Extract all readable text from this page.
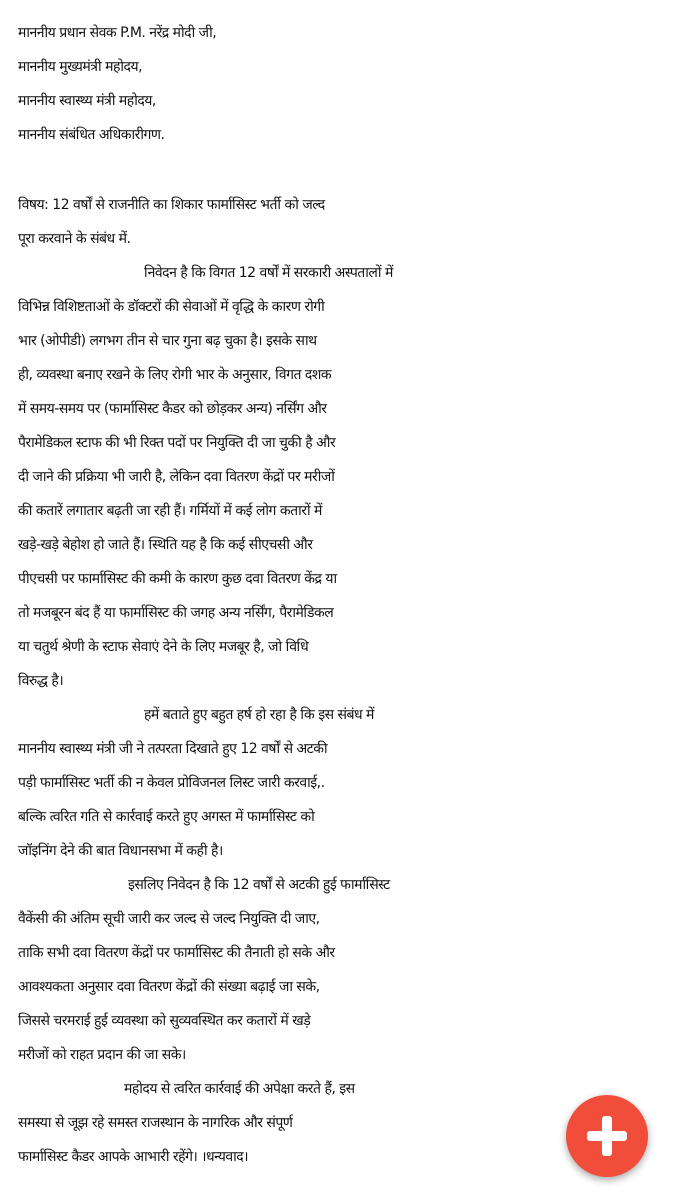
माननीय प्रधान सेवक P.M. नरेंद्र मोदी जी,
माननीय मुख्यमंत्री महोदय,
माननीय स्वास्थ्य मंत्री महोदय,
माननीय संबंधित अधिकारीगण.
विषय: 12 वर्षों से राजनीति का शिकार फार्मासिस्ट भर्ती को जल्द
पूरा करवाने के संबंध में.
निवेदन है कि विगत 12 वर्षों में सरकारी अस्पतालों में
विभिन्न विशिष्टताओं के डॉक्टरों की सेवाओं में वृद्धि के कारण रोगी
भार (ओपीडी) लगभग तीन से चार गुना बढ़ चुका है। इसके साथ
ही, व्यवस्था बनाए रखने के लिए रोगी भार के अनुसार, विगत दशक
में समय-समय पर (फार्मासिस्ट कैडर को छोड़कर अन्य) नर्सिंग और
पैरामेडिकल स्टाफ की भी रिक्त पदों पर नियुक्ति दी जा चुकी है और
दी जाने की प्रक्रिया भी जारी है, लेकिन दवा वितरण केंद्रों पर मरीजों
की कतारें लगातार बढ़ती जा रही हैं। गर्मियों में कई लोग कतारों में
खड़े-खड़े बेहोश हो जाते हैं। स्थिति यह है कि कई सीएचसी और
पीएचसी पर फार्मासिस्ट की कमी के कारण कुछ दवा वितरण केंद्र या
तो मजबूरन बंद हैं या फार्मासिस्ट की जगह अन्य नर्सिंग, पैरामेडिकल
या चतुर्थ श्रेणी के स्टाफ सेवाएं देने के लिए मजबूर है, जो विधि
विरुद्ध है।
हमें बताते हुए बहुत हर्ष हो रहा है कि इस संबंध में
माननीय स्वास्थ्य मंत्री जी ने तत्परता दिखाते हुए 12 वर्षों से अटकी
पड़ी फार्मासिस्ट भर्ती की न केवल प्रोविजनल लिस्ट जारी करवाई,.
बल्कि त्वरित गति से कार्रवाई करते हुए अगस्त में फार्मासिस्ट को
जॉइनिंग देने की बात विधानसभा में कही है।
इसलिए निवेदन है कि 12 वर्षों से अटकी हुई फार्मासिस्ट
वैकेंसी की अंतिम सूची जारी कर जल्द से जल्द नियुक्ति दी जाए,
ताकि सभी दवा वितरण केंद्रों पर फार्मासिस्ट की तैनाती हो सके और
आवश्यकता अनुसार दवा वितरण केंद्रों की संख्या बढ़ाई जा सके,
जिससे चरमराई हुई व्यवस्था को सुव्यवस्थित कर कतारों में खड़े
मरीजों को राहत प्रदान की जा सके।
महोदय से त्वरित कार्रवाई की अपेक्षा करते हैं, इस
समस्या से जूझ रहे समस्त राजस्थान के नागरिक और संपूर्ण
फार्मासिस्ट कैडर आपके आभारी रहेंगे। ।धन्यवाद।
